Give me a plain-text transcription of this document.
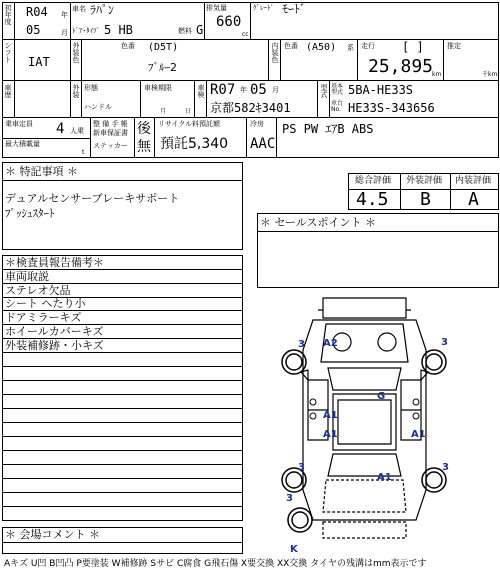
初年度 R04 年
05	月
車名 ﾗﾊﾟﾝ
ﾄﾞｱ･ﾀｲﾌﾟ 5 HB	燃料 G
排気量
660
cc
ｸﾞﾚｰﾄﾞ ﾓｰﾄﾞ
シフト IAT	外装色	色番 (D5T)
ﾌﾞﾙｰ2
内装色 色番 (A50) 系 走行 [ ]
25,895
km
推定
千km
車歴	外装 形態
ハンドル
車検期限
月	日
車検 R07 年 05 月
京都582ｷ3401
型式 基本型式 5BA-HE33S
車台No. HE33S-343656
乗車定員 4 人乗
最大積載量
t
整 備 手 帳
新車保証書
ステッカー
後
無
リサイクル料預託額
預託5,340
冷房
AAC
PS PW ｴｱB ABS
＊ 特記事項 ＊
デュアルセンサーブレーキサポート
ﾌﾟｯｼｭｽﾀｰﾄ
総合評価
4.5
外装評価
B
内装評価
A
＊ セールスポイント ＊
＊検査員報告備考＊
車両取説
ステレオ欠品
シート へたり小
ドアミラーキズ
ホイールカバーキズ
外装補修跡・小キズ
＊ 会場コメント ＊
3 A2	3
G
A1
A1	A1
A1
3	3
3
K
Aキズ U凹 B凹凸 P要塗装 W補修跡 Sサビ C腐食 G飛石傷 X要交換 XX交換 タイヤの残溝はmm表示です
